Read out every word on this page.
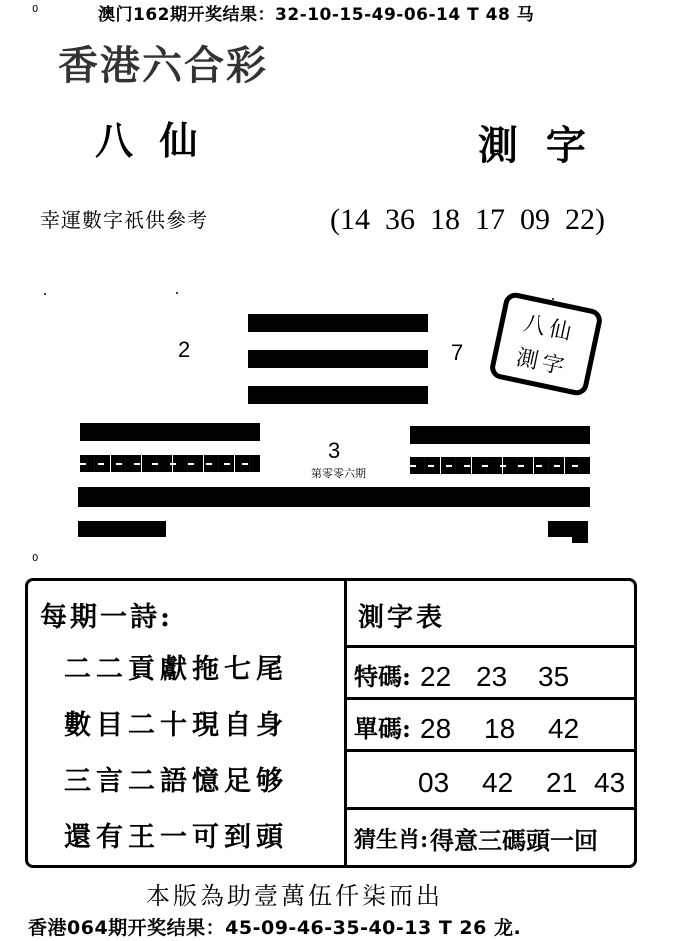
0
0
澳门162期开奖结果：32-10-15-49-06-14 T 48 马
香港六合彩
八  仙	測  字
幸運數字祇供參考	(14  36  18  17  09  22)
2	7
八仙
測字
3
第零零六期
每期一詩:
二二貢獻拖七尾
數目二十現自身
三言二語憶足够
還有王一可到頭
測字表
特碼: 22 23 35
單碼: 28 18 42
03 42 21 43
猜生肖: 得意三碼頭一回
本版為助壹萬伍仟柒而出
香港064期开奖结果：45-09-46-35-40-13 T 26 龙.
